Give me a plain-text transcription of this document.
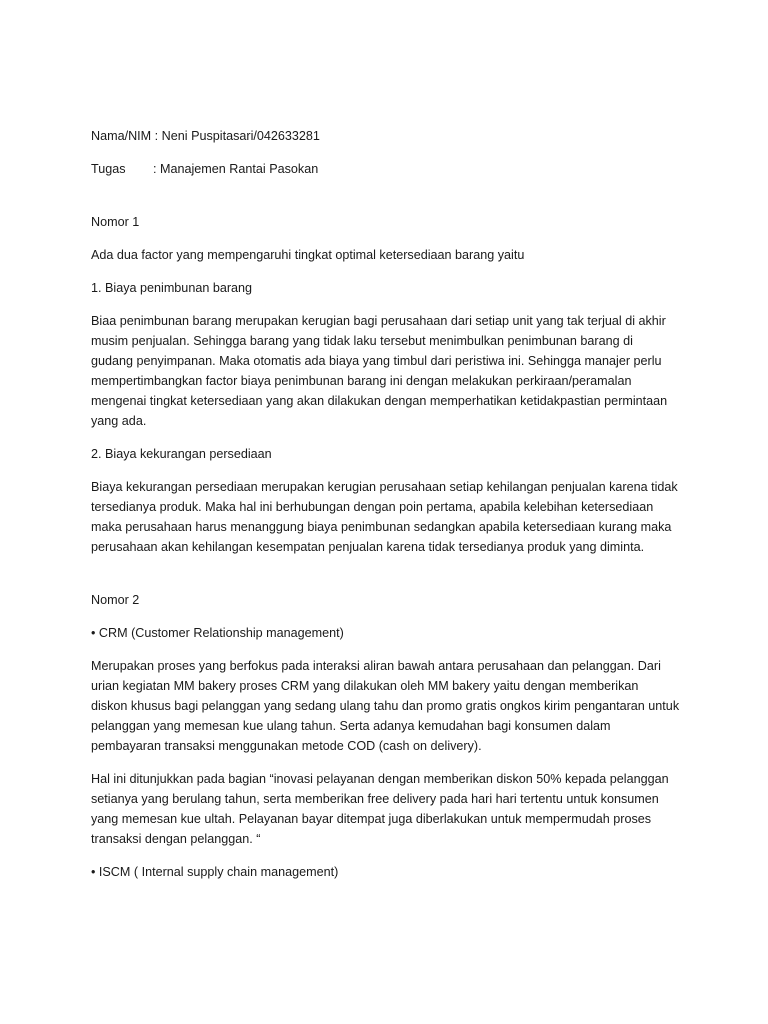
Nama/NIM : Neni Puspitasari/042633281

Tugas	: Manajemen Rantai Pasokan

Nomor 1

Ada dua factor yang mempengaruhi tingkat optimal ketersediaan barang yaitu

1. Biaya penimbunan barang

Biaa penimbunan barang merupakan kerugian bagi perusahaan dari setiap unit yang tak terjual di akhir
musim penjualan. Sehingga barang yang tidak laku tersebut menimbulkan penimbunan barang di
gudang penyimpanan. Maka otomatis ada biaya yang timbul dari peristiwa ini. Sehingga manajer perlu
mempertimbangkan factor biaya penimbunan barang ini dengan melakukan perkiraan/peramalan
mengenai tingkat ketersediaan yang akan dilakukan dengan memperhatikan ketidakpastian permintaan
yang ada.

2. Biaya kekurangan persediaan

Biaya kekurangan persediaan merupakan kerugian perusahaan setiap kehilangan penjualan karena tidak
tersedianya produk. Maka hal ini berhubungan dengan poin pertama, apabila kelebihan ketersediaan
maka perusahaan harus menanggung biaya penimbunan sedangkan apabila ketersediaan kurang maka
perusahaan akan kehilangan kesempatan penjualan karena tidak tersedianya produk yang diminta.

Nomor 2

• CRM (Customer Relationship management)

Merupakan proses yang berfokus pada interaksi aliran bawah antara perusahaan dan pelanggan. Dari
urian kegiatan MM bakery proses CRM yang dilakukan oleh MM bakery yaitu dengan memberikan
diskon khusus bagi pelanggan yang sedang ulang tahu dan promo gratis ongkos kirim pengantaran untuk
pelanggan yang memesan kue ulang tahun. Serta adanya kemudahan bagi konsumen dalam
pembayaran transaksi menggunakan metode COD (cash on delivery).

Hal ini ditunjukkan pada bagian “inovasi pelayanan dengan memberikan diskon 50% kepada pelanggan
setianya yang berulang tahun, serta memberikan free delivery pada hari hari tertentu untuk konsumen
yang memesan kue ultah. Pelayanan bayar ditempat juga diberlakukan untuk mempermudah proses
transaksi dengan pelanggan. “

• ISCM ( Internal supply chain management)
